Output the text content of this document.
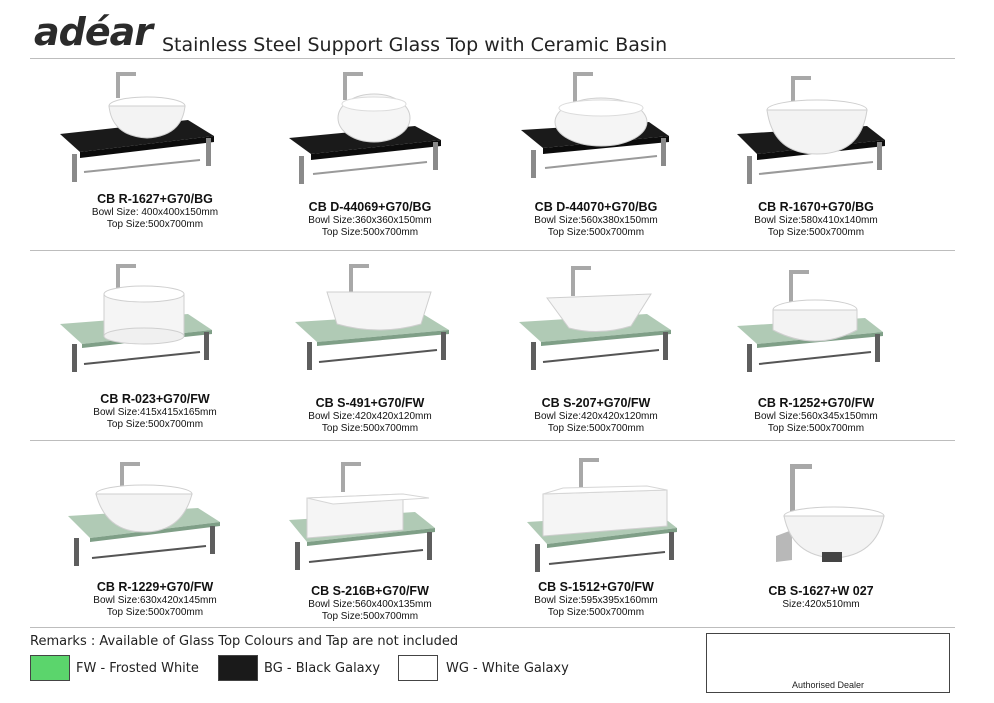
adéar Stainless Steel Support Glass Top with Ceramic Basin
CB R-1627+G70/BG
Bowl Size: 400x400x150mm
Top Size:500x700mm
CB D-44069+G70/BG
Bowl Size:360x360x150mm
Top Size:500x700mm
CB D-44070+G70/BG
Bowl Size:560x380x150mm
Top Size:500x700mm
CB R-1670+G70/BG
Bowl Size:580x410x140mm
Top Size:500x700mm
CB R-023+G70/FW
Bowl Size:415x415x165mm
Top Size:500x700mm
CB S-491+G70/FW
Bowl Size:420x420x120mm
Top Size:500x700mm
CB S-207+G70/FW
Bowl Size:420x420x120mm
Top Size:500x700mm
CB R-1252+G70/FW
Bowl Size:560x345x150mm
Top Size:500x700mm
CB R-1229+G70/FW
Bowl Size:630x420x145mm
Top Size:500x700mm
CB S-216B+G70/FW
Bowl Size:560x400x135mm
Top Size:500x700mm
CB S-1512+G70/FW
Bowl Size:595x395x160mm
Top Size:500x700mm
CB S-1627+W 027
Size:420x510mm
Remarks : Available of Glass Top Colours and Tap are not included
FW - Frosted White	BG - Black Galaxy	WG - White Galaxy
Authorised Dealer
